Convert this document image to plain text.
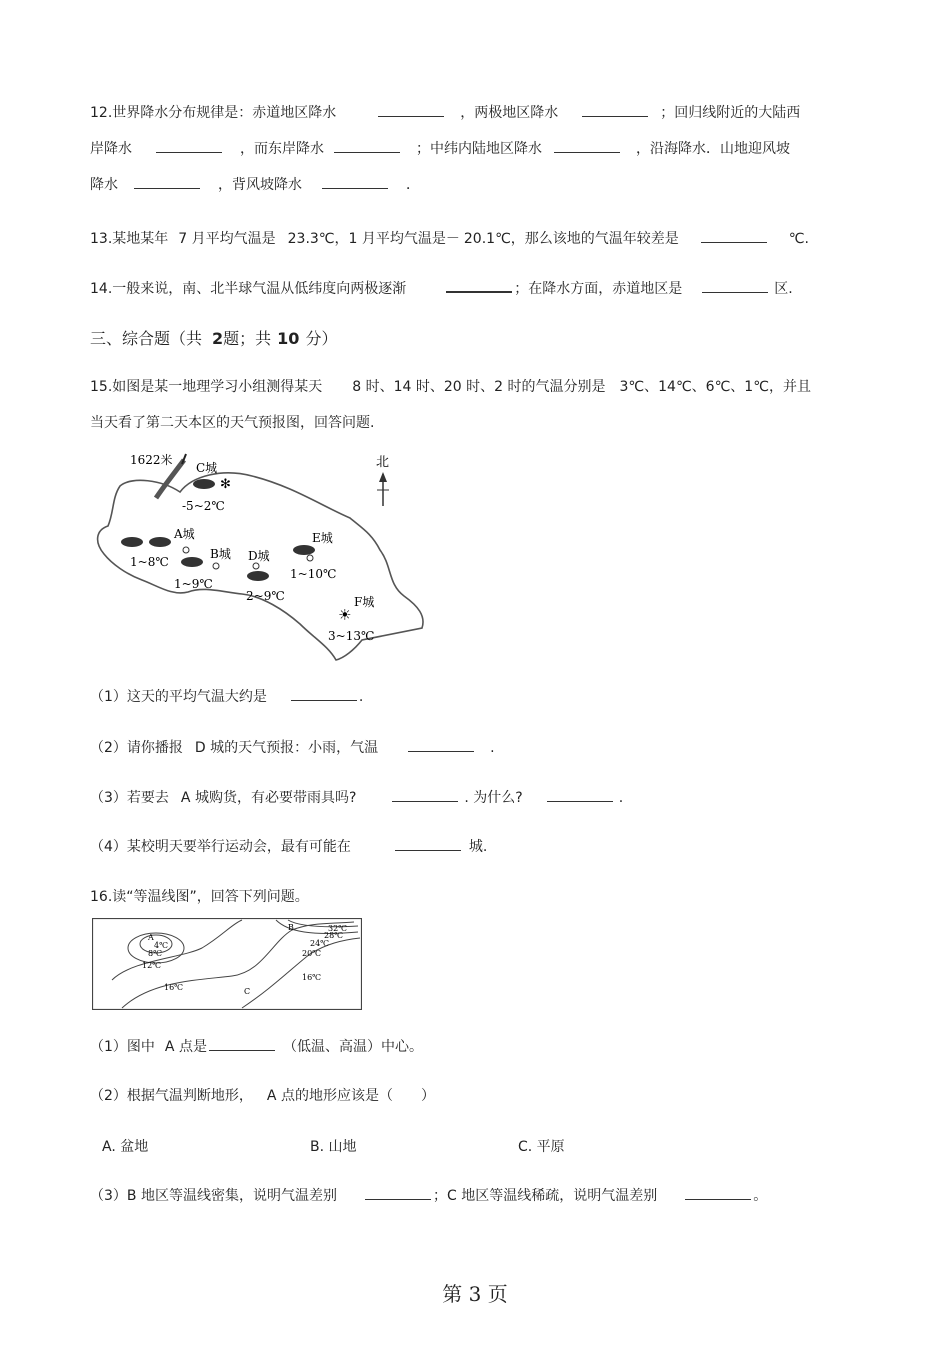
12.世界降水分布规律是：赤道地区降水	，两极地区降水	；回归线附近的大陆西
岸降水	，而东岸降水	；中纬内陆地区降水	，沿海降水．山地迎风坡
降水	，背风坡降水	．
13.某地某年 7 月平均气温是 23.3℃，1 月平均气温是－ 20.1℃，那么该地的气温年较差是	℃.
14.一般来说，南、北半球气温从低纬度向两极逐渐	；在降水方面，赤道地区是	区.
三、综合题（共 2题；共 10 分）
15.如图是某一地理学习小组测得某天 8 时、14 时、20 时、2 时的气温分别是 3℃、14℃、6℃、1℃，并且
当天看了第二天本区的天气预报图，回答问题.
1622米	北
C城
✻
-5~2℃
A城
1~8℃
B城
1~9℃
D城
2~9℃
E城
1~10℃
F城
☀
3~13℃
（1）这天的平均气温大约是	.
（2）请你播报 D 城的天气预报：小雨，气温	.
（3）若要去 A 城购货，有必要带雨具吗?	. 为什么?	.
（4）某校明天要举行运动会，最有可能在	城.
16.读“等温线图”，回答下列问题。
A
4℃
8℃
12℃
16℃	C
B	32℃
28℃
24℃
20℃
16℃
（1）图中 A 点是	（低温、高温）中心。
（2）根据气温判断地形， A 点的地形应该是（　　）
A. 盆地	B. 山地	C. 平原
（3）B 地区等温线密集，说明气温差别	；C 地区等温线稀疏，说明气温差别	。
第 3 页
